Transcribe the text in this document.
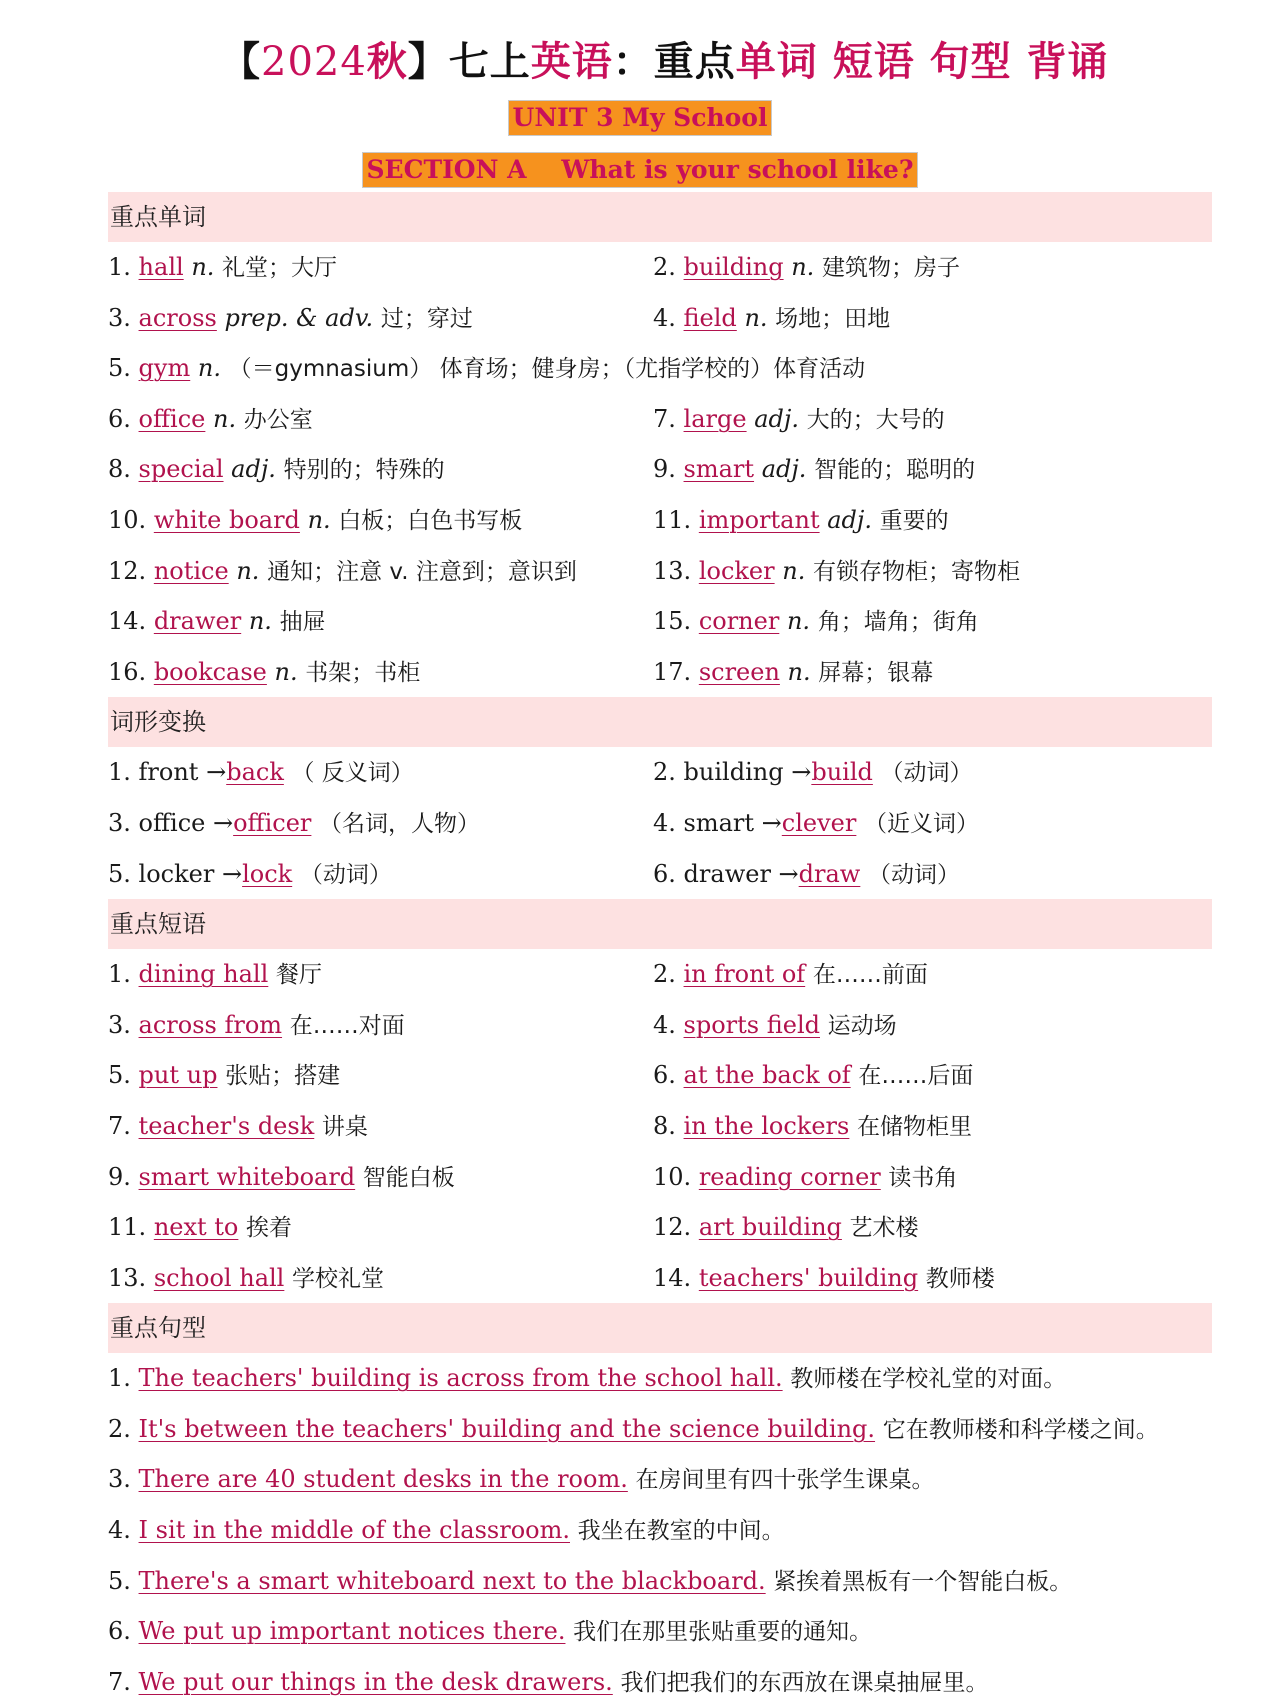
【2024秋】七上英语：重点单词 短语 句型 背诵
UNIT 3 My School
SECTION A    What is your school like?
重点单词
1. hall n. 礼堂；大厅	2. building n. 建筑物；房子
3. across prep. & adv. 过；穿过	4. field n. 场地；田地
5. gym n. （＝gymnasium） 体育场；健身房；（尤指学校的）体育活动
6. office n. 办公室	7. large adj. 大的；大号的
8. special adj. 特别的；特殊的	9. smart adj. 智能的；聪明的
10. white board n. 白板；白色书写板	11. important adj. 重要的
12. notice n. 通知；注意 v. 注意到；意识到	13. locker n. 有锁存物柜；寄物柜
14. drawer n. 抽屉	15. corner n. 角；墙角；街角
16. bookcase n. 书架；书柜	17. screen n. 屏幕；银幕
词形变换
1. front →back （ 反义词）	2. building →build （动词）
3. office →officer （名词，人物）	4. smart →clever （近义词）
5. locker →lock （动词）	6. drawer →draw （动词）
重点短语
1. dining hall 餐厅	2. in front of 在……前面
3. across from 在……对面	4. sports field 运动场
5. put up 张贴；搭建	6. at the back of 在……后面
7. teacher's desk 讲桌	8. in the lockers 在储物柜里
9. smart whiteboard 智能白板	10. reading corner 读书角
11. next to 挨着	12. art building 艺术楼
13. school hall 学校礼堂	14. teachers' building 教师楼
重点句型
1. The teachers' building is across from the school hall. 教师楼在学校礼堂的对面。
2. It's between the teachers' building and the science building. 它在教师楼和科学楼之间。
3. There are 40 student desks in the room. 在房间里有四十张学生课桌。
4. I sit in the middle of the classroom. 我坐在教室的中间。
5. There's a smart whiteboard next to the blackboard. 紧挨着黑板有一个智能白板。
6. We put up important notices there. 我们在那里张贴重要的通知。
7. We put our things in the desk drawers. 我们把我们的东西放在课桌抽屉里。
